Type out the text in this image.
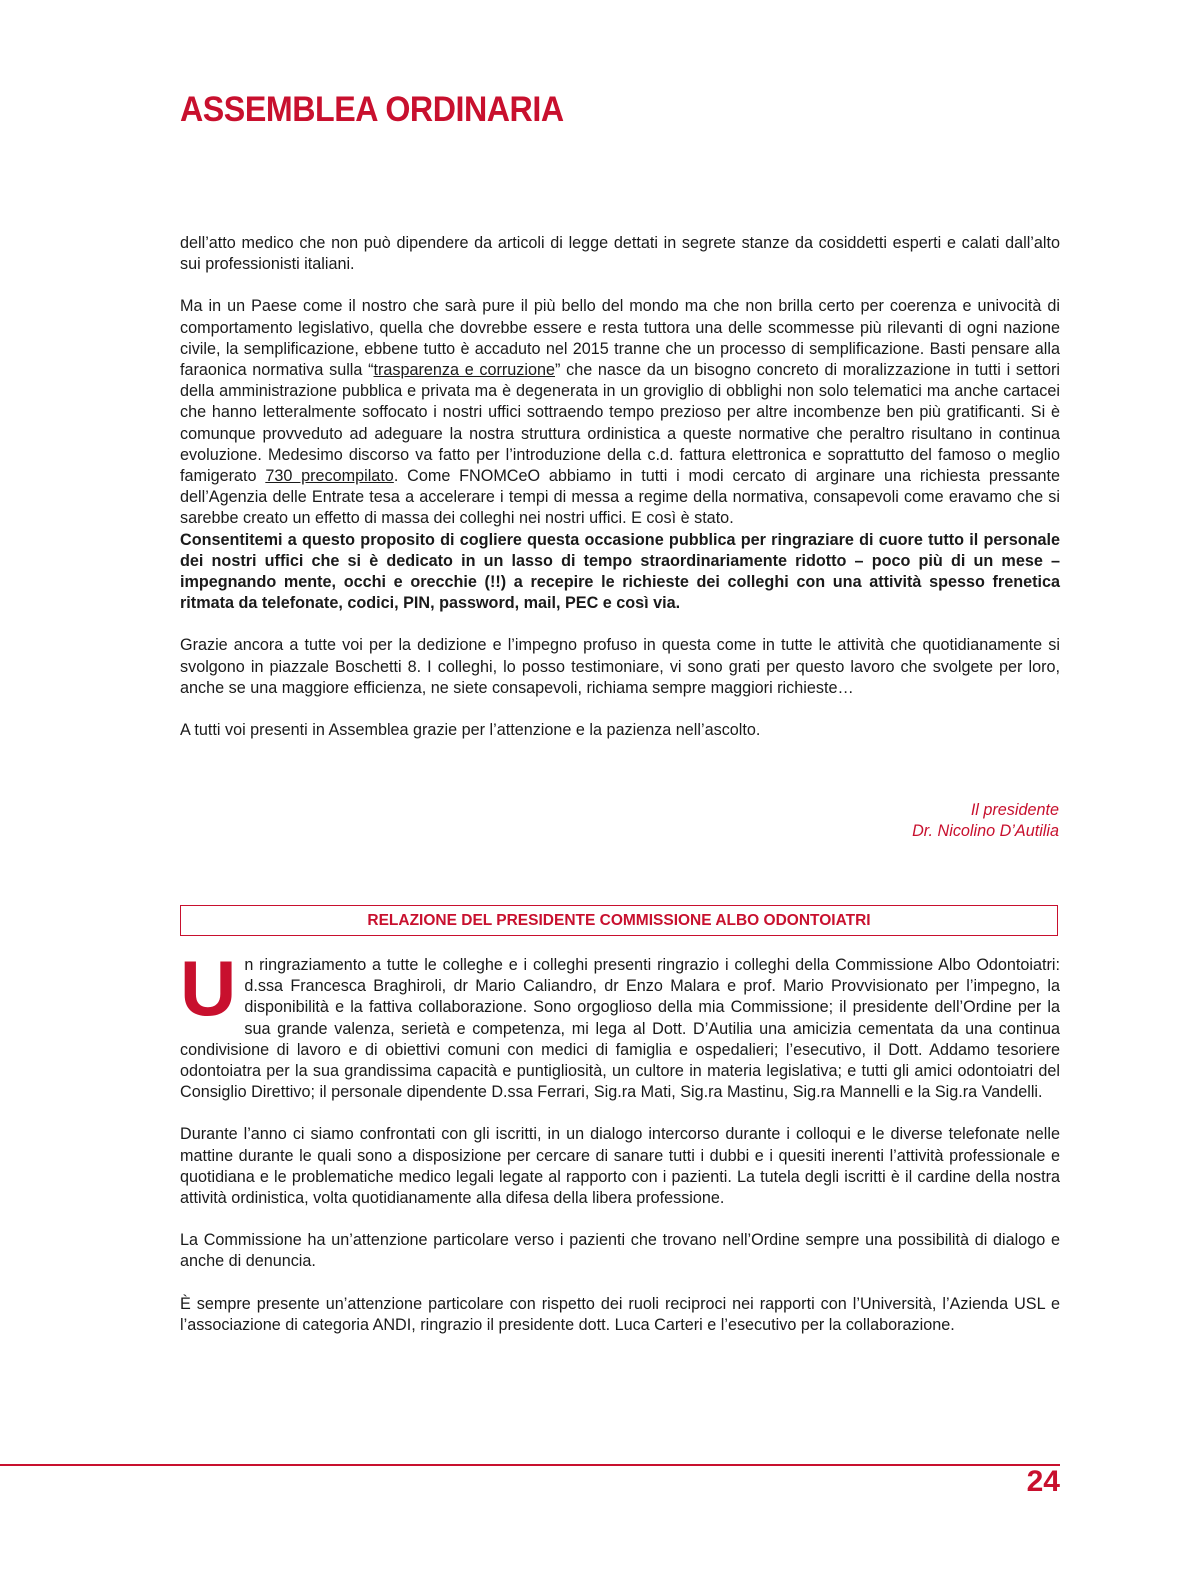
ASSEMBLEA ORDINARIA

dell’atto medico che non può dipendere da articoli di legge dettati in segrete stanze da cosiddetti esperti e calati dall’alto sui professionisti italiani.

Ma in un Paese come il nostro che sarà pure il più bello del mondo ma che non brilla certo per coerenza e univocità di comportamento legislativo, quella che dovrebbe essere e resta tuttora una delle scommesse più rilevanti di ogni nazione civile, la semplificazione, ebbene tutto è accaduto nel 2015 tranne che un processo di semplificazione. Basti pensare alla faraonica normativa sulla “trasparenza e corruzione” che nasce da un bisogno concreto di moralizzazione in tutti i settori della amministrazione pubblica e privata ma è degenerata in un groviglio di obblighi non solo telematici ma anche cartacei che hanno letteralmente soffocato i nostri uffici sottraendo tempo prezioso per altre incombenze ben più gratificanti. Si è comunque provveduto ad adeguare la nostra struttura ordinistica a queste normative che peraltro risultano in continua evoluzione. Medesimo discorso va fatto per l’introduzione della c.d. fattura elettronica e soprattutto del famoso o meglio famigerato 730 precompilato. Come FNOMCeO abbiamo in tutti i modi cercato di arginare una richiesta pressante dell’Agenzia delle Entrate tesa a accelerare i tempi di messa a regime della normativa, consapevoli come eravamo che si sarebbe creato un effetto di massa dei colleghi nei nostri uffici. E così è stato.

Consentitemi a questo proposito di cogliere questa occasione pubblica per ringraziare di cuore tutto il personale dei nostri uffici che si è dedicato in un lasso di tempo straordinariamente ridotto – poco più di un mese – impegnando mente, occhi e orecchie (!!) a recepire le richieste dei colleghi con una attività spesso frenetica ritmata da telefonate, codici, PIN, password, mail, PEC e così via.

Grazie ancora a tutte voi per la dedizione e l’impegno profuso in questa come in tutte le attività che quotidianamente si svolgono in piazzale Boschetti 8. I colleghi, lo posso testimoniare, vi sono grati per questo lavoro che svolgete per loro, anche se una maggiore efficienza, ne siete consapevoli, richiama sempre maggiori richieste…

A tutti voi presenti in Assemblea grazie per l’attenzione e la pazienza nell’ascolto.

Il presidente
Dr. Nicolino D’Autilia
RELAZIONE DEL PRESIDENTE COMMISSIONE ALBO ODONTOIATRI

Un ringraziamento a tutte le colleghe e i colleghi presenti ringrazio i colleghi della Commissione Albo Odontoiatri: d.ssa Francesca Braghiroli, dr Mario Caliandro, dr Enzo Malara e prof. Mario Provvisionato per l’impegno, la disponibilità e la fattiva collaborazione. Sono orgoglioso della mia Commissione; il presidente dell’Ordine per la sua grande valenza, serietà e competenza, mi lega al Dott. D’Autilia una amicizia cementata da una continua condivisione di lavoro e di obiettivi comuni con medici di famiglia e ospedalieri; l’esecutivo, il Dott. Addamo tesoriere odontoiatra per la sua grandissima capacità e puntigliosità, un cultore in materia legislativa; e tutti gli amici odontoiatri del Consiglio Direttivo; il personale dipendente D.ssa Ferrari, Sig.ra Mati, Sig.ra Mastinu, Sig.ra Mannelli e la Sig.ra Vandelli.

Durante l’anno ci siamo confrontati con gli iscritti, in un dialogo intercorso durante i colloqui e le diverse telefonate nelle mattine durante le quali sono a disposizione per cercare di sanare tutti i dubbi e i quesiti inerenti l’attività professionale e quotidiana e le problematiche medico legali legate al rapporto con i pazienti. La tutela degli iscritti è il cardine della nostra attività ordinistica, volta quotidianamente alla difesa della libera professione.

La Commissione ha un’attenzione particolare verso i pazienti che trovano nell’Ordine sempre una possibilità di dialogo e anche di denuncia.

È sempre presente un’attenzione particolare con rispetto dei ruoli reciproci nei rapporti con l’Università, l’Azienda USL e l’associazione di categoria ANDI, ringrazio il presidente dott. Luca Carteri e l’esecutivo per la collaborazione.

24
